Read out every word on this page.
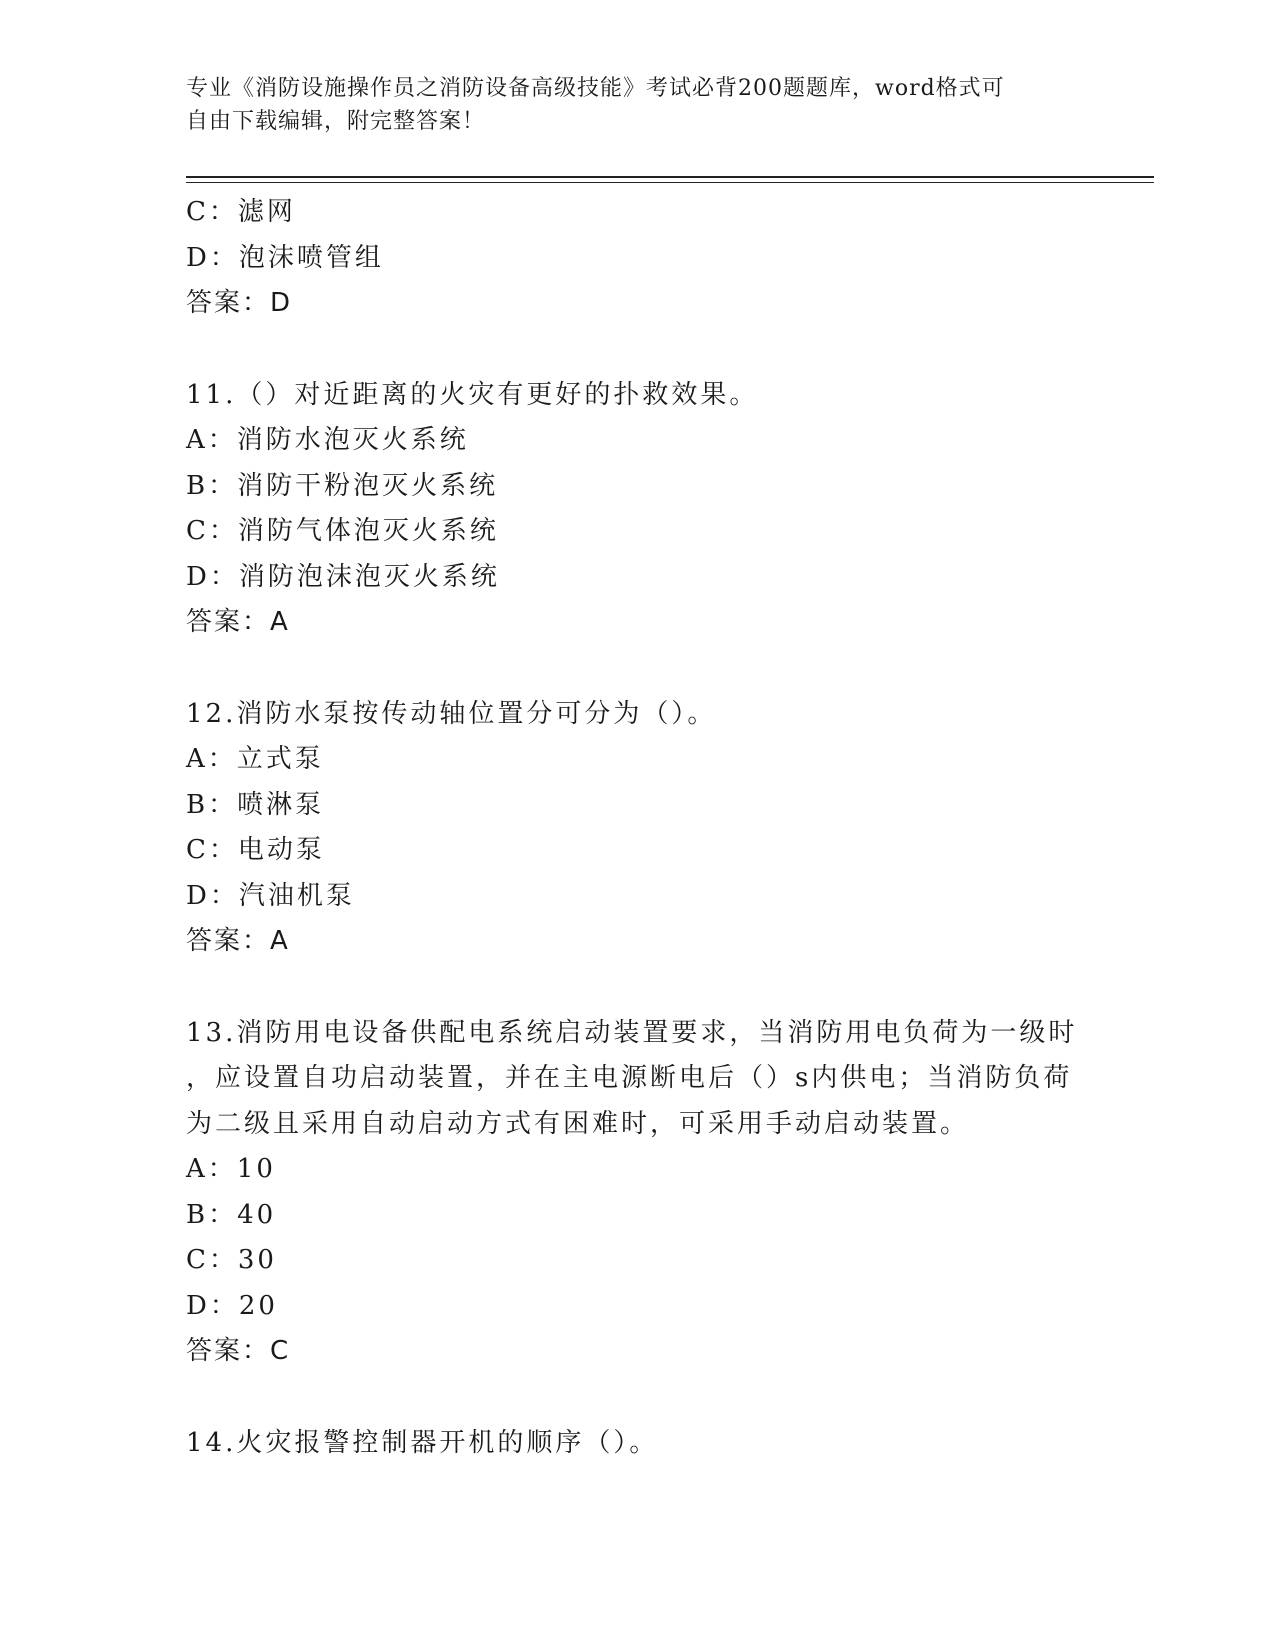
专业《消防设施操作员之消防设备高级技能》考试必背200题题库，word格式可
自由下载编辑，附完整答案！
C：滤网
D：泡沫喷管组
答案：D
11.（）对近距离的火灾有更好的扑救效果。
A：消防水泡灭火系统
B：消防干粉泡灭火系统
C：消防气体泡灭火系统
D：消防泡沫泡灭火系统
答案：A
12.消防水泵按传动轴位置分可分为（）。
A：立式泵
B：喷淋泵
C：电动泵
D：汽油机泵
答案：A
13.消防用电设备供配电系统启动装置要求，当消防用电负荷为一级时
，应设置自功启动装置，并在主电源断电后（）s内供电；当消防负荷
为二级且采用自动启动方式有困难时，可采用手动启动装置。
A：10
B：40
C：30
D：20
答案：C
14.火灾报警控制器开机的顺序（）。
